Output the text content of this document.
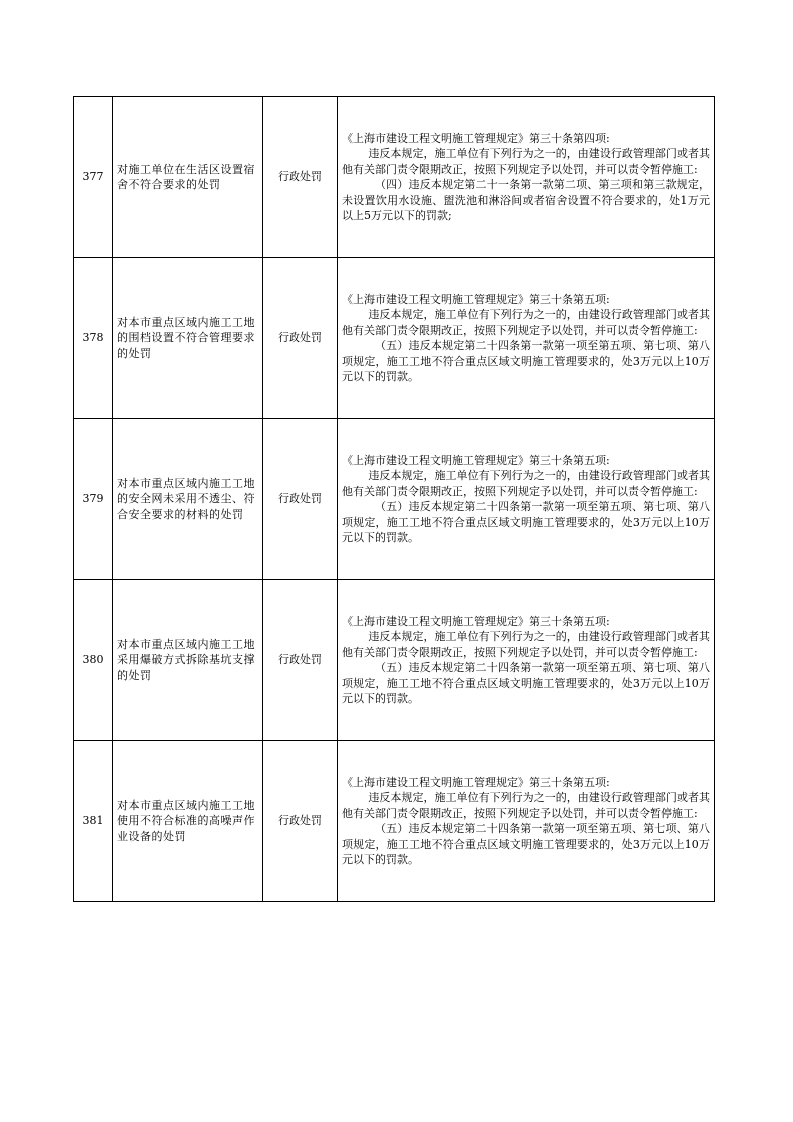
377	对施工单位在生活区设置宿舍不符合要求的处罚	行政处罚	《上海市建设工程文明施工管理规定》第三十条第四项:

违反本规定，施工单位有下列行为之一的，由建设行政管理部门或者其他有关部门责令限期改正，按照下列规定予以处罚，并可以责令暂停施工:

（四）违反本规定第二十一条第一款第二项、第三项和第三款规定，未设置饮用水设施、盥洗池和淋浴间或者宿舍设置不符合要求的，处1万元以上5万元以下的罚款;

378	对本市重点区域内施工工地的围档设置不符合管理要求的处罚	行政处罚	《上海市建设工程文明施工管理规定》第三十条第五项:

违反本规定，施工单位有下列行为之一的，由建设行政管理部门或者其他有关部门责令限期改正，按照下列规定予以处罚，并可以责令暂停施工:

（五）违反本规定第二十四条第一款第一项至第五项、第七项、第八项规定，施工工地不符合重点区域文明施工管理要求的，处3万元以上10万元以下的罚款。

379	对本市重点区域内施工工地的安全网未采用不透尘、符合安全要求的材料的处罚	行政处罚	《上海市建设工程文明施工管理规定》第三十条第五项:

违反本规定，施工单位有下列行为之一的，由建设行政管理部门或者其他有关部门责令限期改正，按照下列规定予以处罚，并可以责令暂停施工:

（五）违反本规定第二十四条第一款第一项至第五项、第七项、第八项规定，施工工地不符合重点区域文明施工管理要求的，处3万元以上10万元以下的罚款。

380	对本市重点区域内施工工地采用爆破方式拆除基坑支撑的处罚	行政处罚	《上海市建设工程文明施工管理规定》第三十条第五项:

违反本规定，施工单位有下列行为之一的，由建设行政管理部门或者其他有关部门责令限期改正，按照下列规定予以处罚，并可以责令暂停施工:

（五）违反本规定第二十四条第一款第一项至第五项、第七项、第八项规定，施工工地不符合重点区域文明施工管理要求的，处3万元以上10万元以下的罚款。

381	对本市重点区域内施工工地使用不符合标准的高噪声作业设备的处罚	行政处罚	《上海市建设工程文明施工管理规定》第三十条第五项:

违反本规定，施工单位有下列行为之一的，由建设行政管理部门或者其他有关部门责令限期改正，按照下列规定予以处罚，并可以责令暂停施工:

（五）违反本规定第二十四条第一款第一项至第五项、第七项、第八项规定，施工工地不符合重点区域文明施工管理要求的，处3万元以上10万元以下的罚款。
